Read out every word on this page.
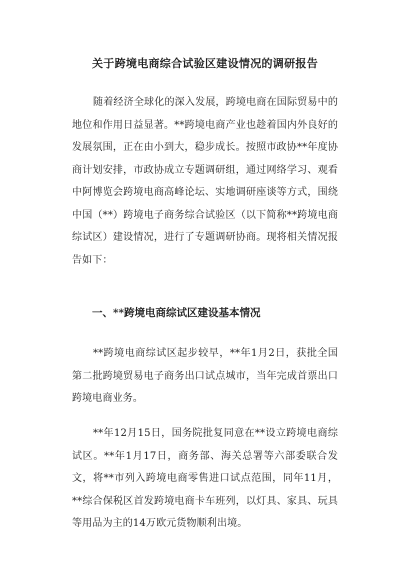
关于跨境电商综合试验区建设情况的调研报告

随着经济全球化的深入发展，跨境电商在国际贸易中的地位和作用日益显著。**跨境电商产业也趁着国内外良好的发展氛围，正在由小到大，稳步成长。按照市政协**年度协商计划安排，市政协成立专题调研组，通过网络学习、观看中阿博览会跨境电商高峰论坛、实地调研座谈等方式，围绕中国（**）跨境电子商务综合试验区（以下简称**跨境电商综试区）建设情况，进行了专题调研协商。现将相关情况报告如下：

一、**跨境电商综试区建设基本情况

**跨境电商综试区起步较早，**年1月2日，获批全国第二批跨境贸易电子商务出口试点城市，当年完成首票出口跨境电商业务。

**年12月15日，国务院批复同意在**设立跨境电商综试区。**年1月17日，商务部、海关总署等六部委联合发文，将**市列入跨境电商零售进口试点范围，同年11月，**综合保税区首发跨境电商卡车班列，以灯具、家具、玩具等用品为主的14万欧元货物顺利出境。
